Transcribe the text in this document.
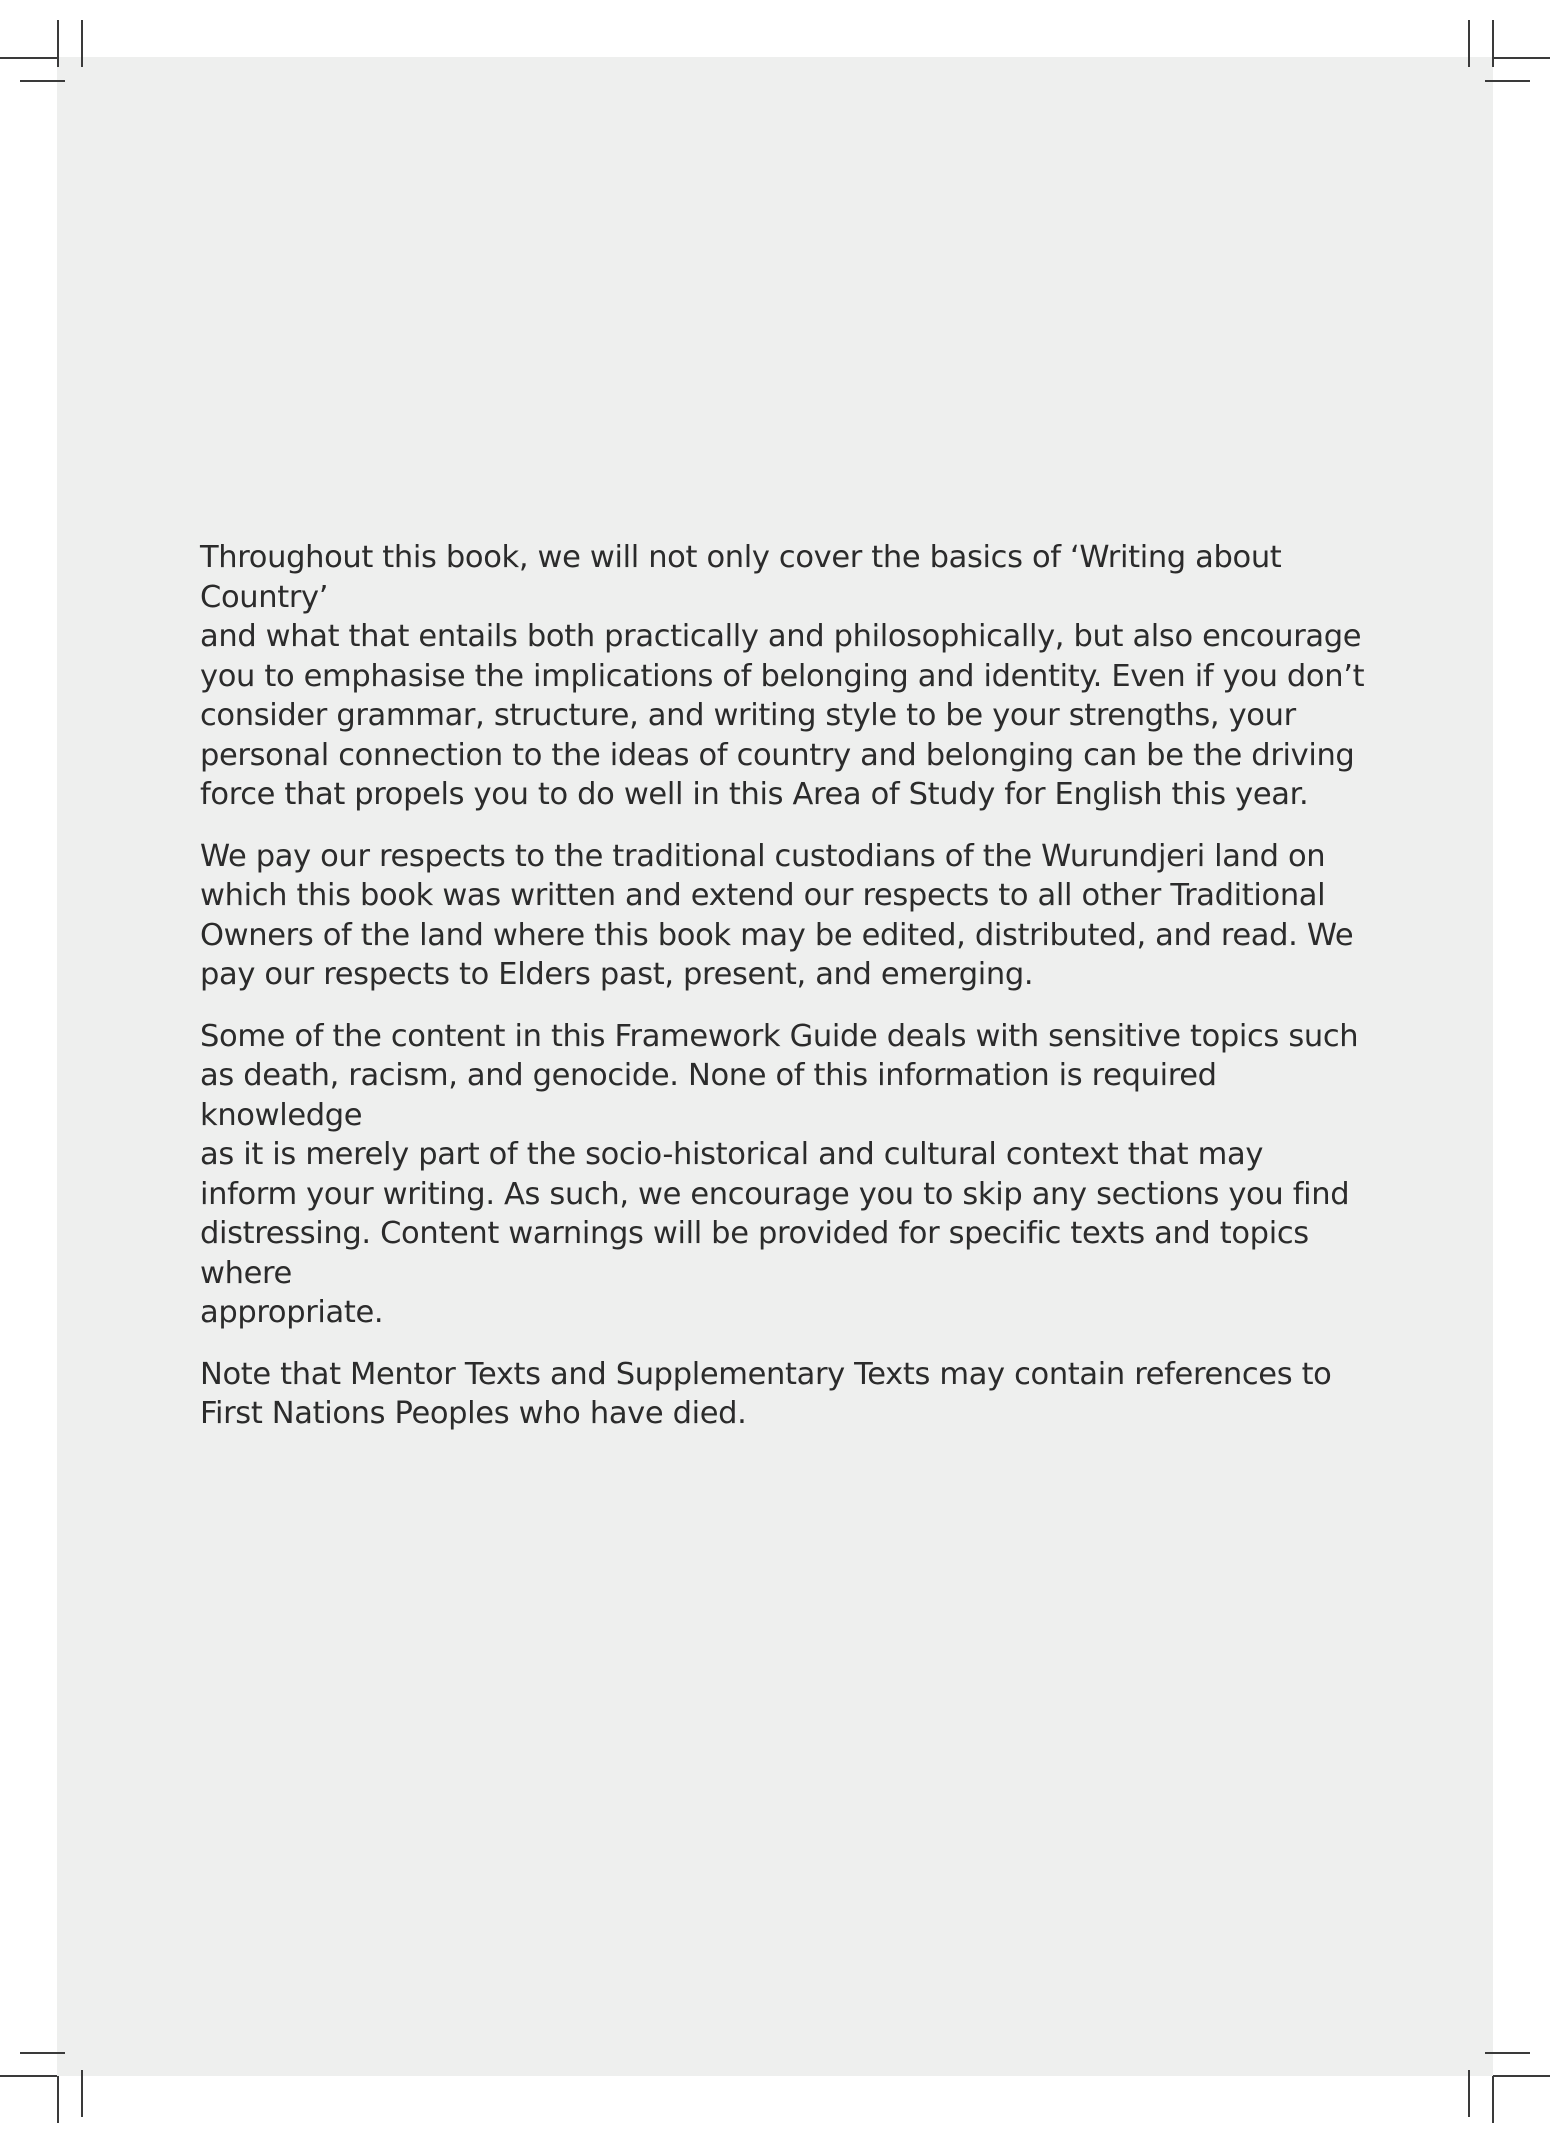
Throughout this book, we will not only cover the basics of ‘Writing about Country’
and what that entails both practically and philosophically, but also encourage
you to emphasise the implications of belonging and identity. Even if you don’t
consider grammar, structure, and writing style to be your strengths, your
personal connection to the ideas of country and belonging can be the driving
force that propels you to do well in this Area of Study for English this year.

We pay our respects to the traditional custodians of the Wurundjeri land on
which this book was written and extend our respects to all other Traditional
Owners of the land where this book may be edited, distributed, and read. We
pay our respects to Elders past, present, and emerging.

Some of the content in this Framework Guide deals with sensitive topics such
as death, racism, and genocide. None of this information is required knowledge
as it is merely part of the socio-historical and cultural context that may
inform your writing. As such, we encourage you to skip any sections you find
distressing. Content warnings will be provided for specific texts and topics where
appropriate.

Note that Mentor Texts and Supplementary Texts may contain references to
First Nations Peoples who have died.
